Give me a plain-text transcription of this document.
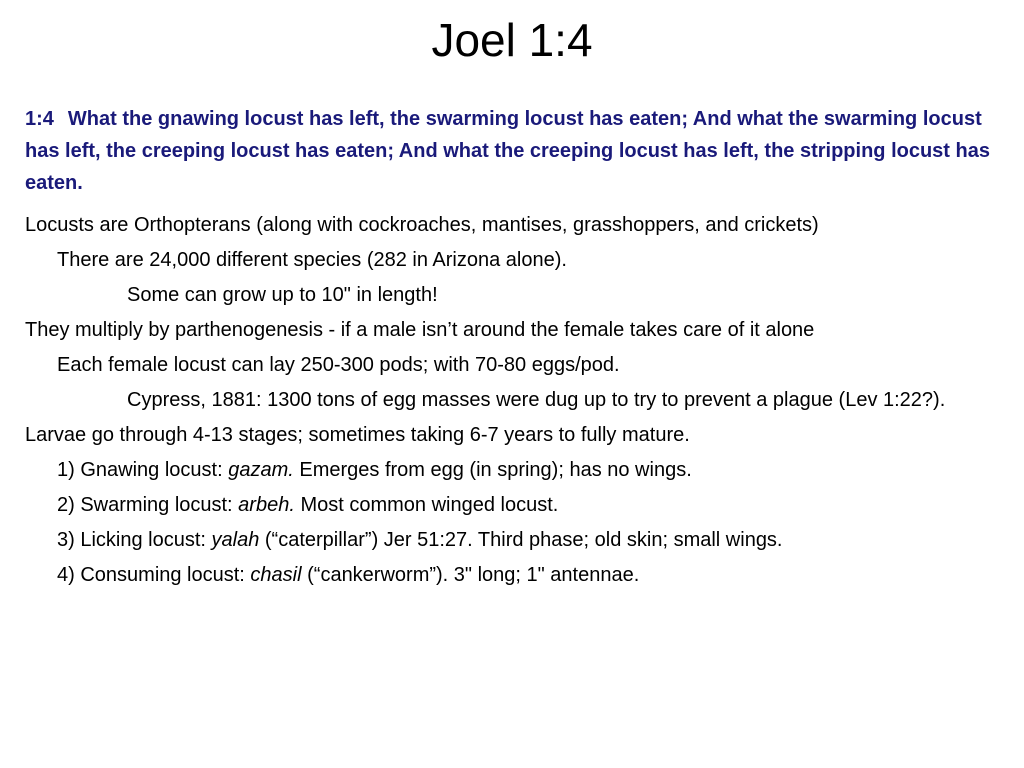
Joel 1:4
1:4 What the gnawing locust has left, the swarming locust has eaten; And what the swarming locust has left, the creeping locust has eaten; And what the creeping locust has left, the stripping locust has eaten.
Locusts are Orthopterans (along with cockroaches, mantises, grasshoppers, and crickets)
There are 24,000 different species (282 in Arizona alone).
Some can grow up to 10" in length!
They multiply by parthenogenesis - if a male isn’t around the female takes care of it alone
Each female locust can lay 250-300 pods; with 70-80 eggs/pod.
Cypress, 1881: 1300 tons of egg masses were dug up to try to prevent a plague (Lev 1:22?).
Larvae go through 4-13 stages; sometimes taking 6-7 years to fully mature.
1) Gnawing locust: gazam. Emerges from egg (in spring); has no wings.
2) Swarming locust: arbeh. Most common winged locust.
3) Licking locust: yalah (“caterpillar”) Jer 51:27. Third phase; old skin; small wings.
4) Consuming locust: chasil (“cankerworm”). 3" long; 1" antennae.
